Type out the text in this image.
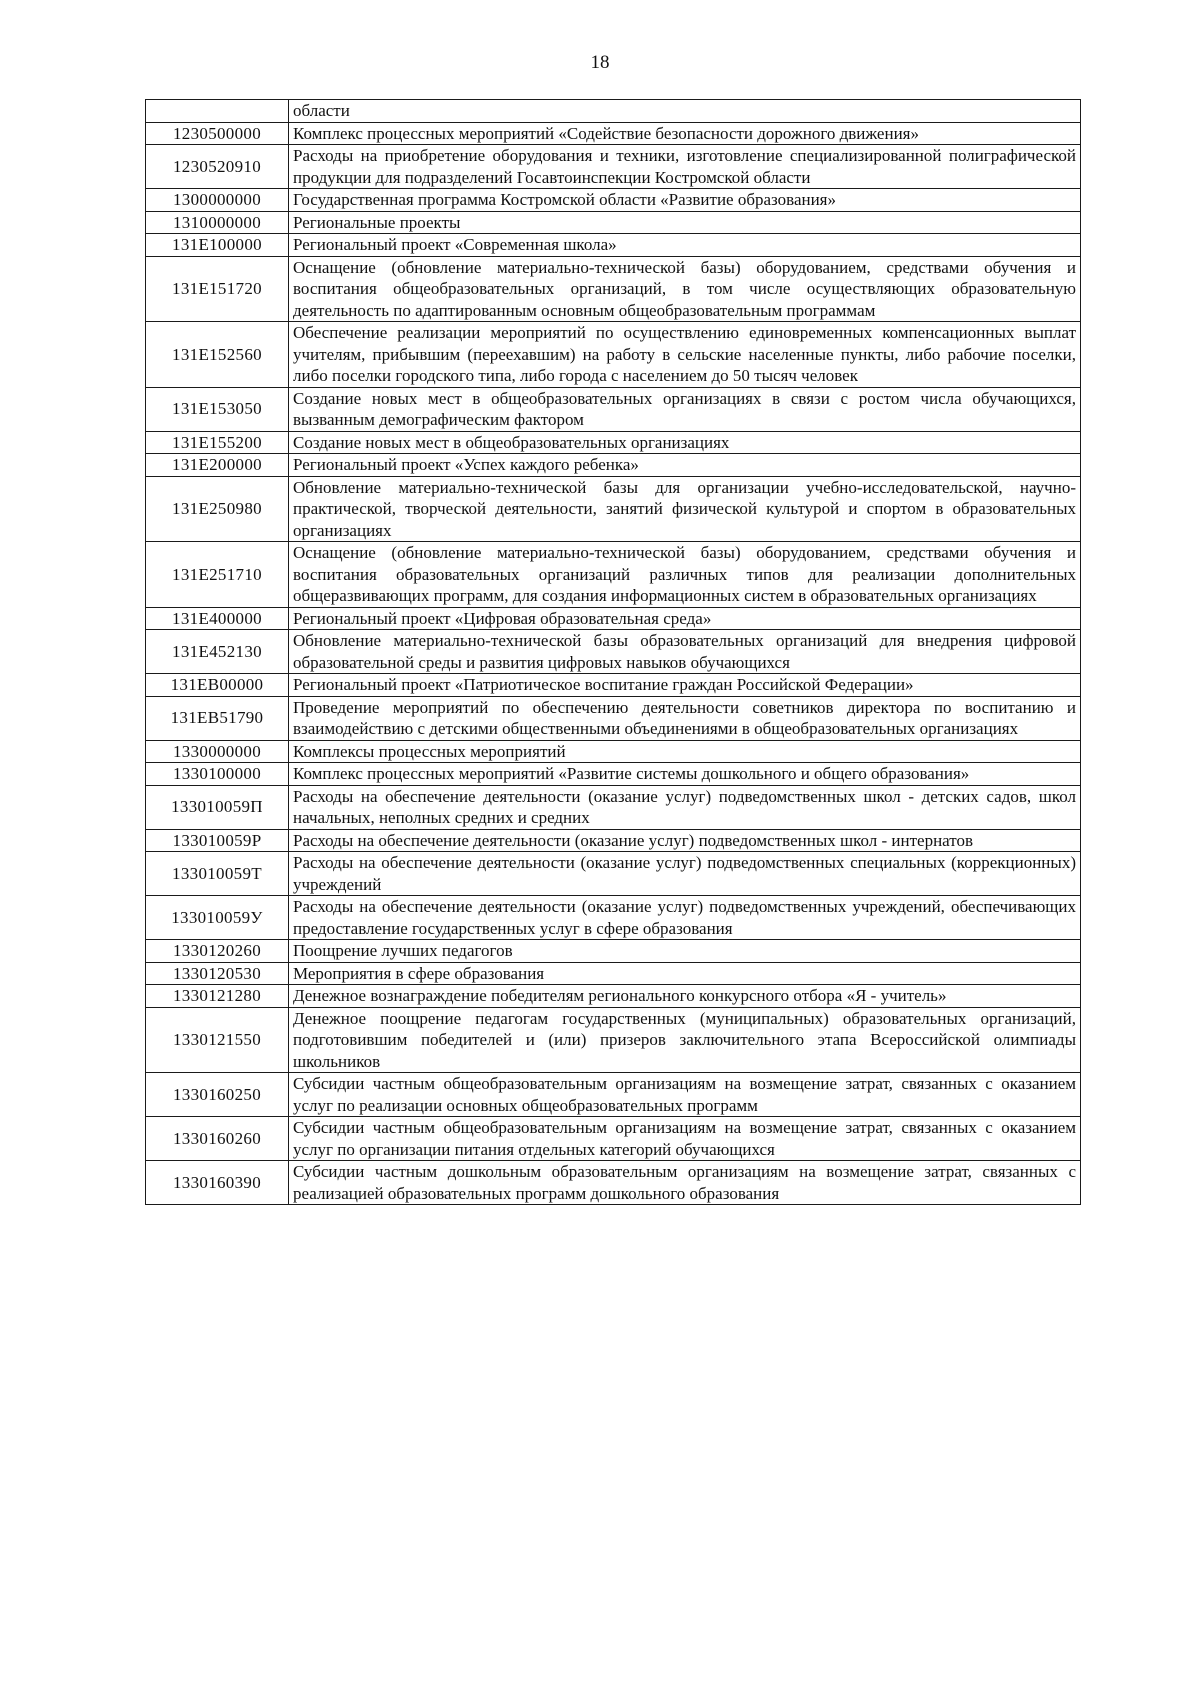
18
	области
1230500000	Комплекс процессных мероприятий «Содействие безопасности дорожного движения»
1230520910	Расходы на приобретение оборудования и техники, изготовление специализированной полиграфической продукции для подразделений Госавтоинспекции Костромской области
1300000000	Государственная программа Костромской области «Развитие образования»
1310000000	Региональные проекты
131E100000	Региональный проект «Современная школа»
131E151720	Оснащение (обновление материально-технической базы) оборудованием, средствами обучения и воспитания общеобразовательных организаций, в том числе осуществляющих образовательную деятельность по адаптированным основным общеобразовательным программам
131E152560	Обеспечение реализации мероприятий по осуществлению единовременных компенсационных выплат учителям, прибывшим (переехавшим) на работу в сельские населенные пункты, либо рабочие поселки, либо поселки городского типа, либо города с населением до 50 тысяч человек
131E153050	Создание новых мест в общеобразовательных организациях в связи с ростом числа обучающихся, вызванным демографическим фактором
131E155200	Создание новых мест в общеобразовательных организациях
131E200000	Региональный проект «Успех каждого ребенка»
131E250980	Обновление материально-технической базы для организации учебно-исследовательской, научно-практической, творческой деятельности, занятий физической культурой и спортом в образовательных организациях
131E251710	Оснащение (обновление материально-технической базы) оборудованием, средствами обучения и воспитания образовательных организаций различных типов для реализации дополнительных общеразвивающих программ, для создания информационных систем в образовательных организациях
131E400000	Региональный проект «Цифровая образовательная среда»
131E452130	Обновление материально-технической базы образовательных организаций для внедрения цифровой образовательной среды и развития цифровых навыков обучающихся
131EB00000	Региональный проект «Патриотическое воспитание граждан Российской Федерации»
131EB51790	Проведение мероприятий по обеспечению деятельности советников директора по воспитанию и взаимодействию с детскими общественными объединениями в общеобразовательных организациях
1330000000	Комплексы процессных мероприятий
1330100000	Комплекс процессных мероприятий «Развитие системы дошкольного и общего образования»
133010059П	Расходы на обеспечение деятельности (оказание услуг) подведомственных школ - детских садов, школ начальных, неполных средних и средних
133010059Р	Расходы на обеспечение деятельности (оказание услуг) подведомственных школ - интернатов
133010059Т	Расходы на обеспечение деятельности (оказание услуг) подведомственных специальных (коррекционных) учреждений
133010059У	Расходы на обеспечение деятельности (оказание услуг) подведомственных учреждений, обеспечивающих предоставление государственных услуг в сфере образования
1330120260	Поощрение лучших педагогов
1330120530	Мероприятия в сфере образования
1330121280	Денежное вознаграждение победителям регионального конкурсного отбора «Я - учитель»
1330121550	Денежное поощрение педагогам государственных (муниципальных) образовательных организаций, подготовившим победителей и (или) призеров заключительного этапа Всероссийской олимпиады школьников
1330160250	Субсидии частным общеобразовательным организациям на возмещение затрат, связанных с оказанием услуг по реализации основных общеобразовательных программ
1330160260	Субсидии частным общеобразовательным организациям на возмещение затрат, связанных с оказанием услуг по организации питания отдельных категорий обучающихся
1330160390	Субсидии частным дошкольным образовательным организациям на возмещение затрат, связанных с реализацией образовательных программ дошкольного образования
